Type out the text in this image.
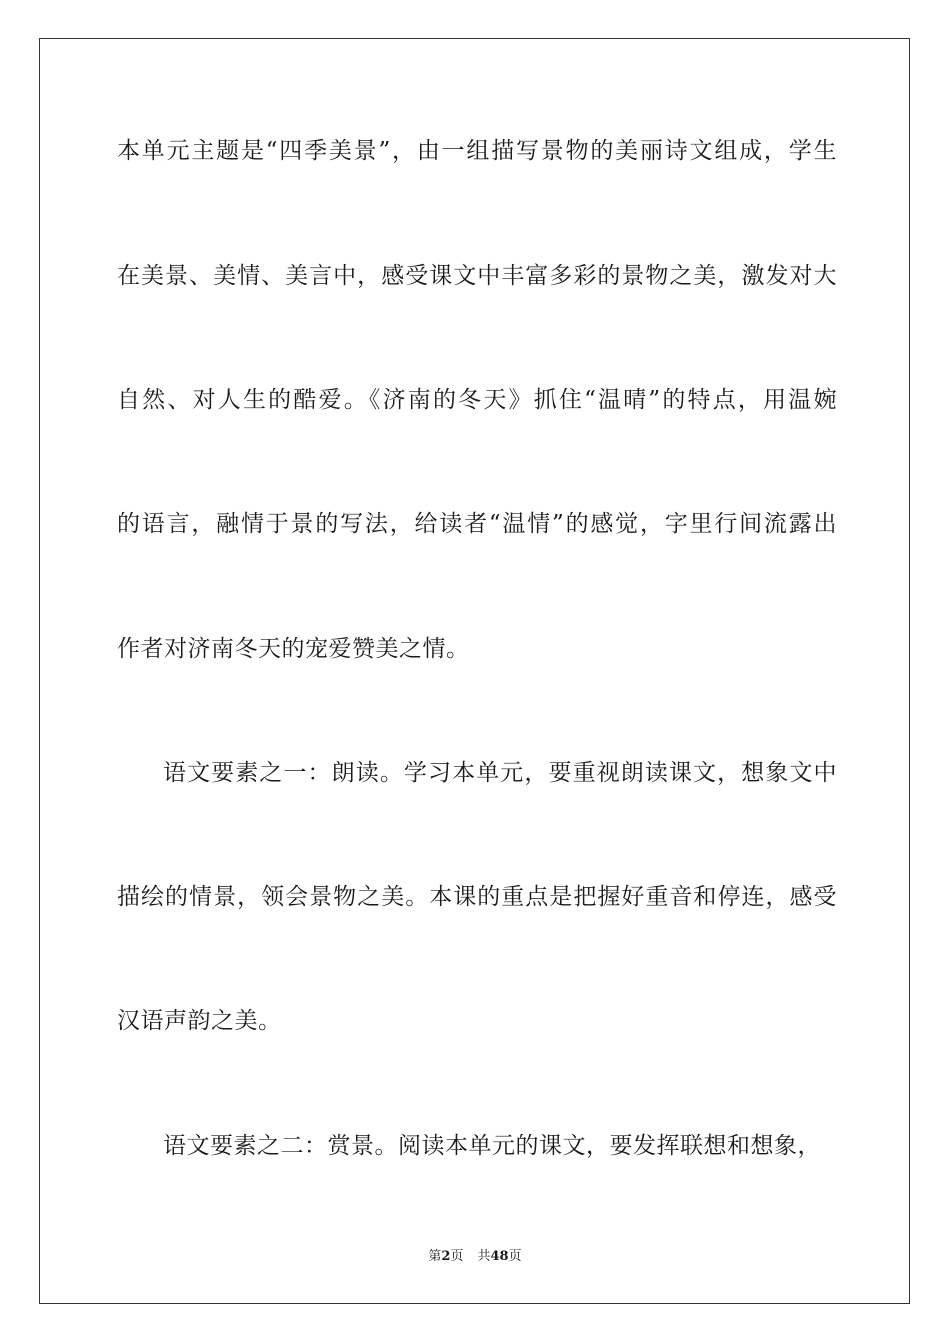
本单元主题是“四季美景”，由一组描写景物的美丽诗文组成，学生
在美景、美情、美言中，感受课文中丰富多彩的景物之美，激发对大
自然、对人生的酷爱。《济南的冬天》抓住“温晴”的特点，用温婉
的语言，融情于景的写法，给读者“温情”的感觉，字里行间流露出
作者对济南冬天的宠爱赞美之情。
语文要素之一：朗读。学习本单元，要重视朗读课文，想象文中
描绘的情景，领会景物之美。本课的重点是把握好重音和停连，感受
汉语声韵之美。
语文要素之二：赏景。阅读本单元的课文，要发挥联想和想象，
第2页 共48页
